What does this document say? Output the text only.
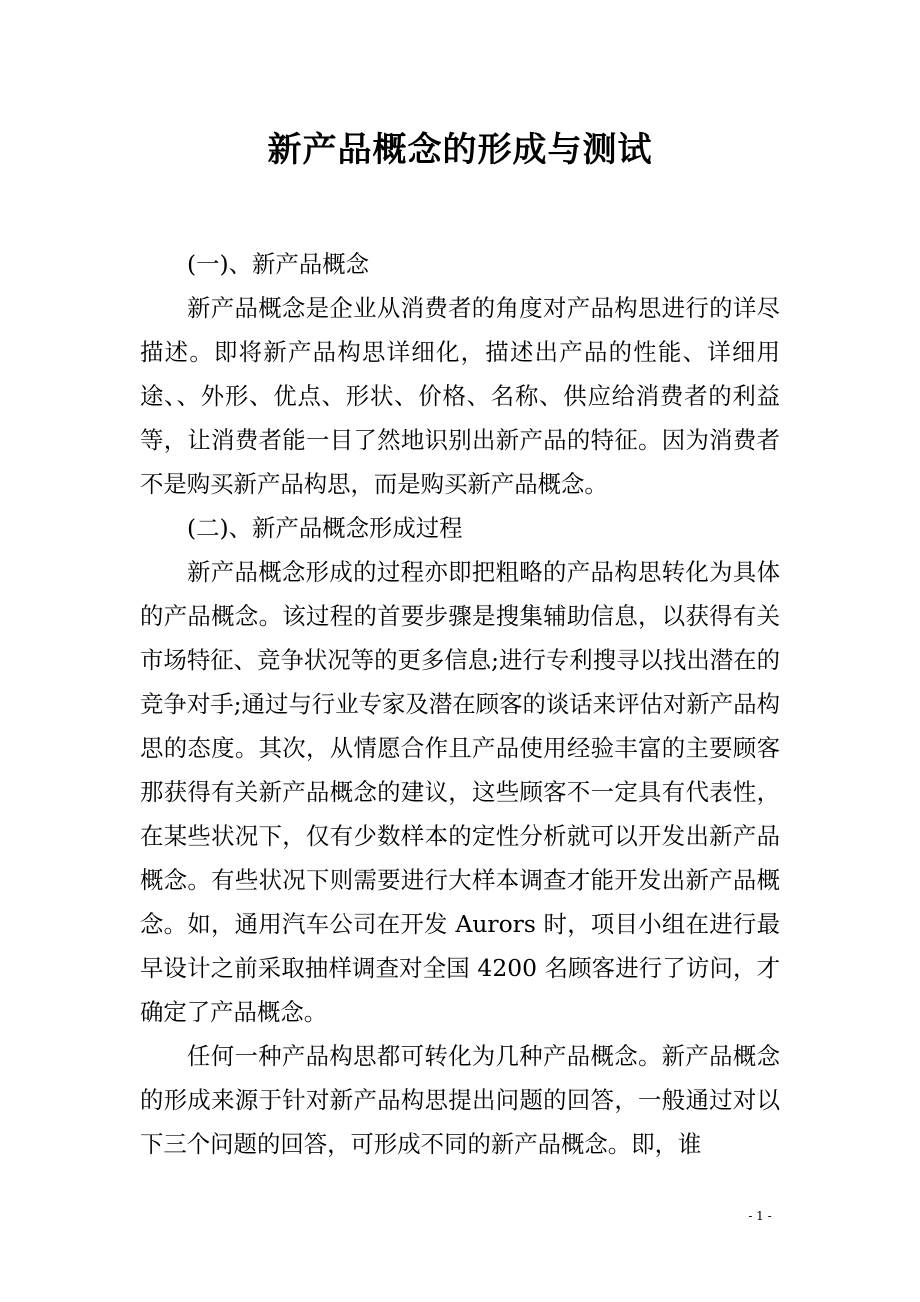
新产品概念的形成与测试

(一)、新产品概念

新产品概念是企业从消费者的角度对产品构思进行的详尽描述。即将新产品构思详细化，描述出产品的性能、详细用途、、外形、优点、形状、价格、名称、供应给消费者的利益等，让消费者能一目了然地识别出新产品的特征。因为消费者不是购买新产品构思，而是购买新产品概念。

(二)、新产品概念形成过程

新产品概念形成的过程亦即把粗略的产品构思转化为具体的产品概念。该过程的首要步骤是搜集辅助信息，以获得有关市场特征、竞争状况等的更多信息;进行专利搜寻以找出潜在的竞争对手;通过与行业专家及潜在顾客的谈话来评估对新产品构思的态度。其次，从情愿合作且产品使用经验丰富的主要顾客那获得有关新产品概念的建议，这些顾客不一定具有代表性，在某些状况下，仅有少数样本的定性分析就可以开发出新产品概念。有些状况下则需要进行大样本调查才能开发出新产品概念。如，通用汽车公司在开发 Aurors 时，项目小组在进行最早设计之前采取抽样调查对全国 4200 名顾客进行了访问，才确定了产品概念。

任何一种产品构思都可转化为几种产品概念。新产品概念的形成来源于针对新产品构思提出问题的回答，一般通过对以下三个问题的回答，可形成不同的新产品概念。即，谁

- 1 -
